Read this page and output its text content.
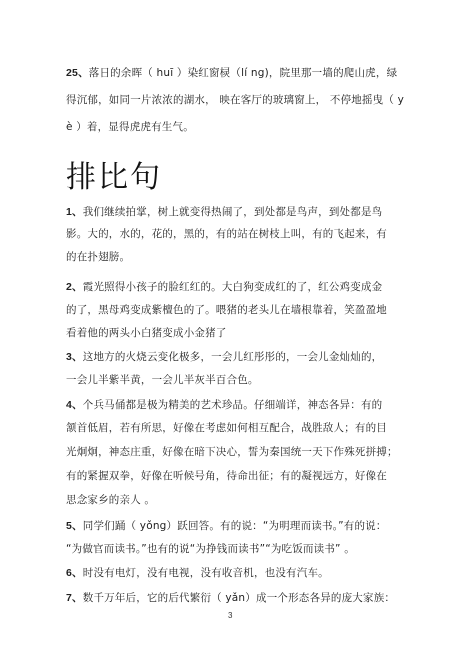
25、落日的余晖（ huī ）染红窗棂（lí ng)，院里那一墙的爬山虎，绿
得沉郁，如同一片浓浓的湖水， 映在客厅的玻璃窗上， 不停地摇曳（ y
è ）着，显得虎虎有生气。
排比句
1、我们继续拍掌，树上就变得热闹了，到处都是鸟声，到处都是鸟
影。大的，水的，花的，黑的，有的站在树枝上叫，有的飞起来，有
的在扑翅膀。
2、霞光照得小孩子的脸红红的。大白狗变成红的了，红公鸡变成金
的了，黑母鸡变成紫檀色的了。喂猪的老头儿在墙根靠着，笑盈盈地
看着他的两头小白猪变成小金猪了
3、这地方的火烧云变化极多，一会儿红彤彤的，一会儿金灿灿的，
一会儿半紫半黄，一会儿半灰半百合色。
4、个兵马俑都是极为精美的艺术珍品。仔细端详，神态各异：有的
颔首低眉，若有所思，好像在考虑如何相互配合，战胜敌人；有的目
光炯炯，神态庄重，好像在暗下决心，誓为秦国统一天下作殊死拼搏；
有的紧握双拳，好像在听候号角，待命出征；有的凝视远方，好像在
思念家乡的亲人 。
5、同学们踊（ yǒng）跃回答。有的说：“为明理而读书。”有的说：
“为做官而读书。”也有的说“为挣钱而读书”“为吃饭而读书” 。
6、时没有电灯，没有电视，没有收音机，也没有汽车。
7、数千万年后，它的后代繁衍（ yǎn）成一个形态各异的庞大家族：
3
